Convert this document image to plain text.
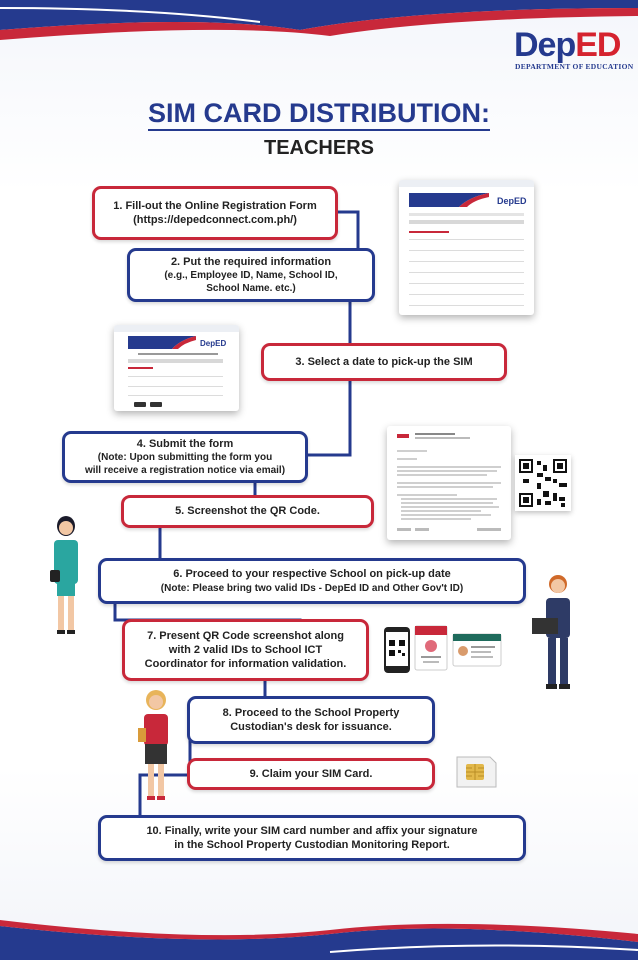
DepED
DEPARTMENT OF EDUCATION
SIM CARD DISTRIBUTION:
TEACHERS
1. Fill-out the Online Registration Form
(https://depedconnect.com.ph/)
2. Put the required information
(e.g., Employee ID, Name, School ID,
School Name. etc.)
3. Select a date to pick-up the SIM
4. Submit the form
(Note: Upon submitting the form you
will receive a registration notice via email)
5. Screenshot the QR Code.
6. Proceed to your respective School on pick-up date
(Note: Please bring two valid IDs - DepEd ID and Other Gov't ID)
7. Present QR Code screenshot along
with 2 valid IDs to School ICT
Coordinator for information validation.
8. Proceed to the School Property
Custodian's desk for issuance.
9. Claim your SIM Card.
10. Finally, write your SIM card number and affix your signature
in the School Property Custodian Monitoring Report.
DepED
DepED
